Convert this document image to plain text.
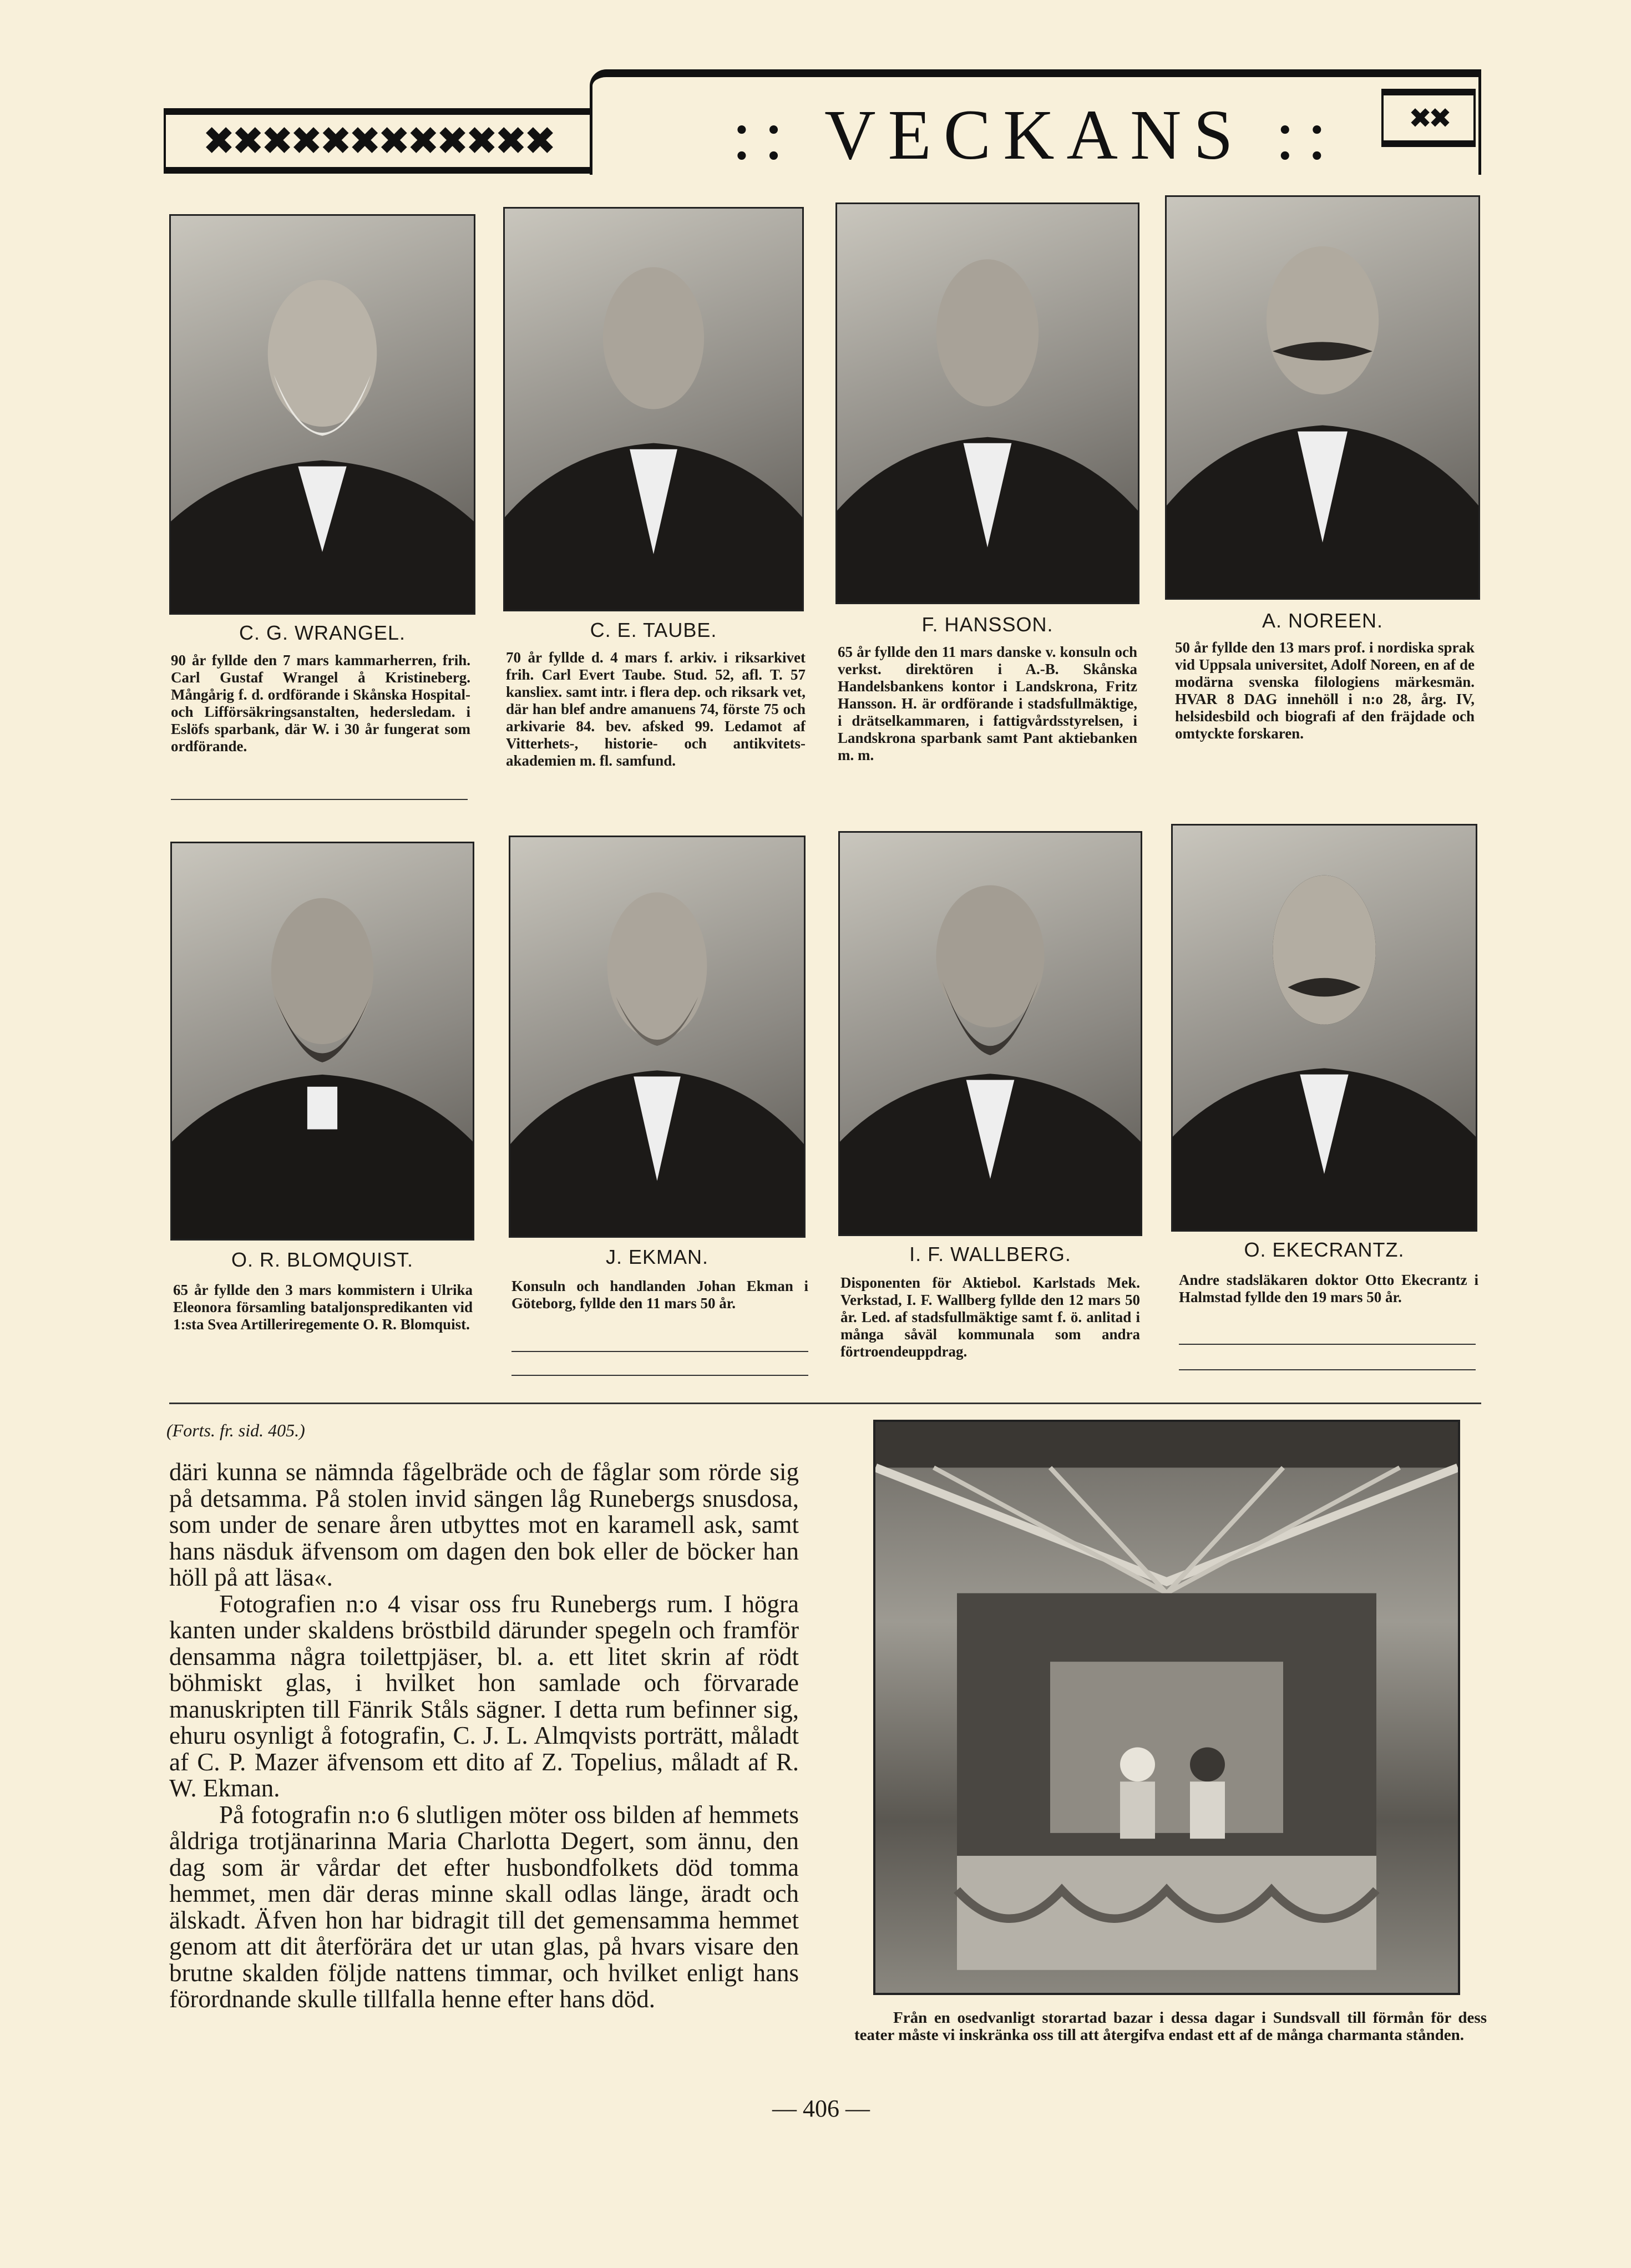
✖✖✖✖✖✖✖✖✖✖✖✖	:: VECKANS ::	✖✖
C. G. WRANGEL.	C. E. TAUBE.	F. HANSSON.	A. NOREEN.
90 år fyllde den 7 mars kammarherren, frih. Carl Gustaf Wrangel å Kristineberg. Mångårig f. d. ordförande i Skånska Hospital- och Lifförsäkringsanstalten, hedersledam. i Eslöfs sparbank, där W. i 30 år fungerat som ordförande.
70 år fyllde d. 4 mars f. arkiv. i riksarkivet frih. Carl Evert Taube. Stud. 52, afl. T. 57 kansliex. samt intr. i flera dep. och riksark vet, där han blef andre amanuens 74, förste 75 och arkivarie 84. bev. afsked 99. Ledamot af Vitterhets-, historie- och antikvitets-akademien m. fl. samfund.
65 år fyllde den 11 mars danske v. konsuln och verkst. direktören i A.-B. Skånska Handelsbankens kontor i Landskrona, Fritz Hansson. H. är ordförande i stadsfullmäktige, i drätselkammaren, i fattigvårdsstyrelsen, i Landskrona sparbank samt Pant aktiebanken m. m.
50 år fyllde den 13 mars prof. i nordiska sprak vid Uppsala universitet, Adolf Noreen, en af de modärna svenska filologiens märkesmän. HVAR 8 DAG innehöll i n:o 28, årg. IV, helsidesbild och biografi af den fräjdade och omtyckte forskaren.
O. R. BLOMQUIST.	J. EKMAN.	I. F. WALLBERG.	O. EKECRANTZ.
65 år fyllde den 3 mars kommistern i Ulrika Eleonora församling bataljonspredikanten vid 1:sta Svea Artilleriregemente O. R. Blomquist.
Konsuln och handlanden Johan Ekman i Göteborg, fyllde den 11 mars 50 år.
Disponenten för Aktiebol. Karlstads Mek. Verkstad, I. F. Wallberg fyllde den 12 mars 50 år. Led. af stadsfullmäktige samt f. ö. anlitad i många såväl kommunala som andra förtroendeuppdrag.
Andre stadsläkaren doktor Otto Ekecrantz i Halmstad fyllde den 19 mars 50 år.
(Forts. fr. sid. 405.)

däri kunna se nämnda fågelbräde och de fåglar som rörde sig på detsamma. På stolen invid sängen låg Runebergs snusdosa, som under de senare åren utbyttes mot en karamell ask, samt hans näsduk äfvensom om dagen den bok eller de böcker han höll på att läsa«.

Fotografien n:o 4 visar oss fru Runebergs rum. I högra kanten under skaldens bröstbild därunder spegeln och framför densamma några toilettpjäser, bl. a. ett litet skrin af rödt böhmiskt glas, i hvilket hon samlade och förvarade manuskripten till Fänrik Ståls sägner. I detta rum befinner sig, ehuru osynligt å fotografin, C. J. L. Almqvists porträtt, måladt af C. P. Mazer äfvensom ett dito af Z. Topelius, måladt af R. W. Ekman.

På fotografin n:o 6 slutligen möter oss bilden af hemmets åldriga trotjänarinna Maria Charlotta Degert, som ännu, den dag som är vårdar det efter husbondfolkets död tomma hemmet, men där deras minne skall odlas länge, äradt och älskadt. Äfven hon har bidragit till det gemensamma hemmet genom att dit återförära det ur utan glas, på hvars visare den brutne skalden följde nattens timmar, och hvilket enligt hans förordnande skulle tillfalla henne efter hans död.

Från en osedvanligt storartad bazar i dessa dagar i Sundsvall till förmån för dess teater måste vi inskränka oss till att återgifva endast ett af de många charmanta stånden.
— 406 —
